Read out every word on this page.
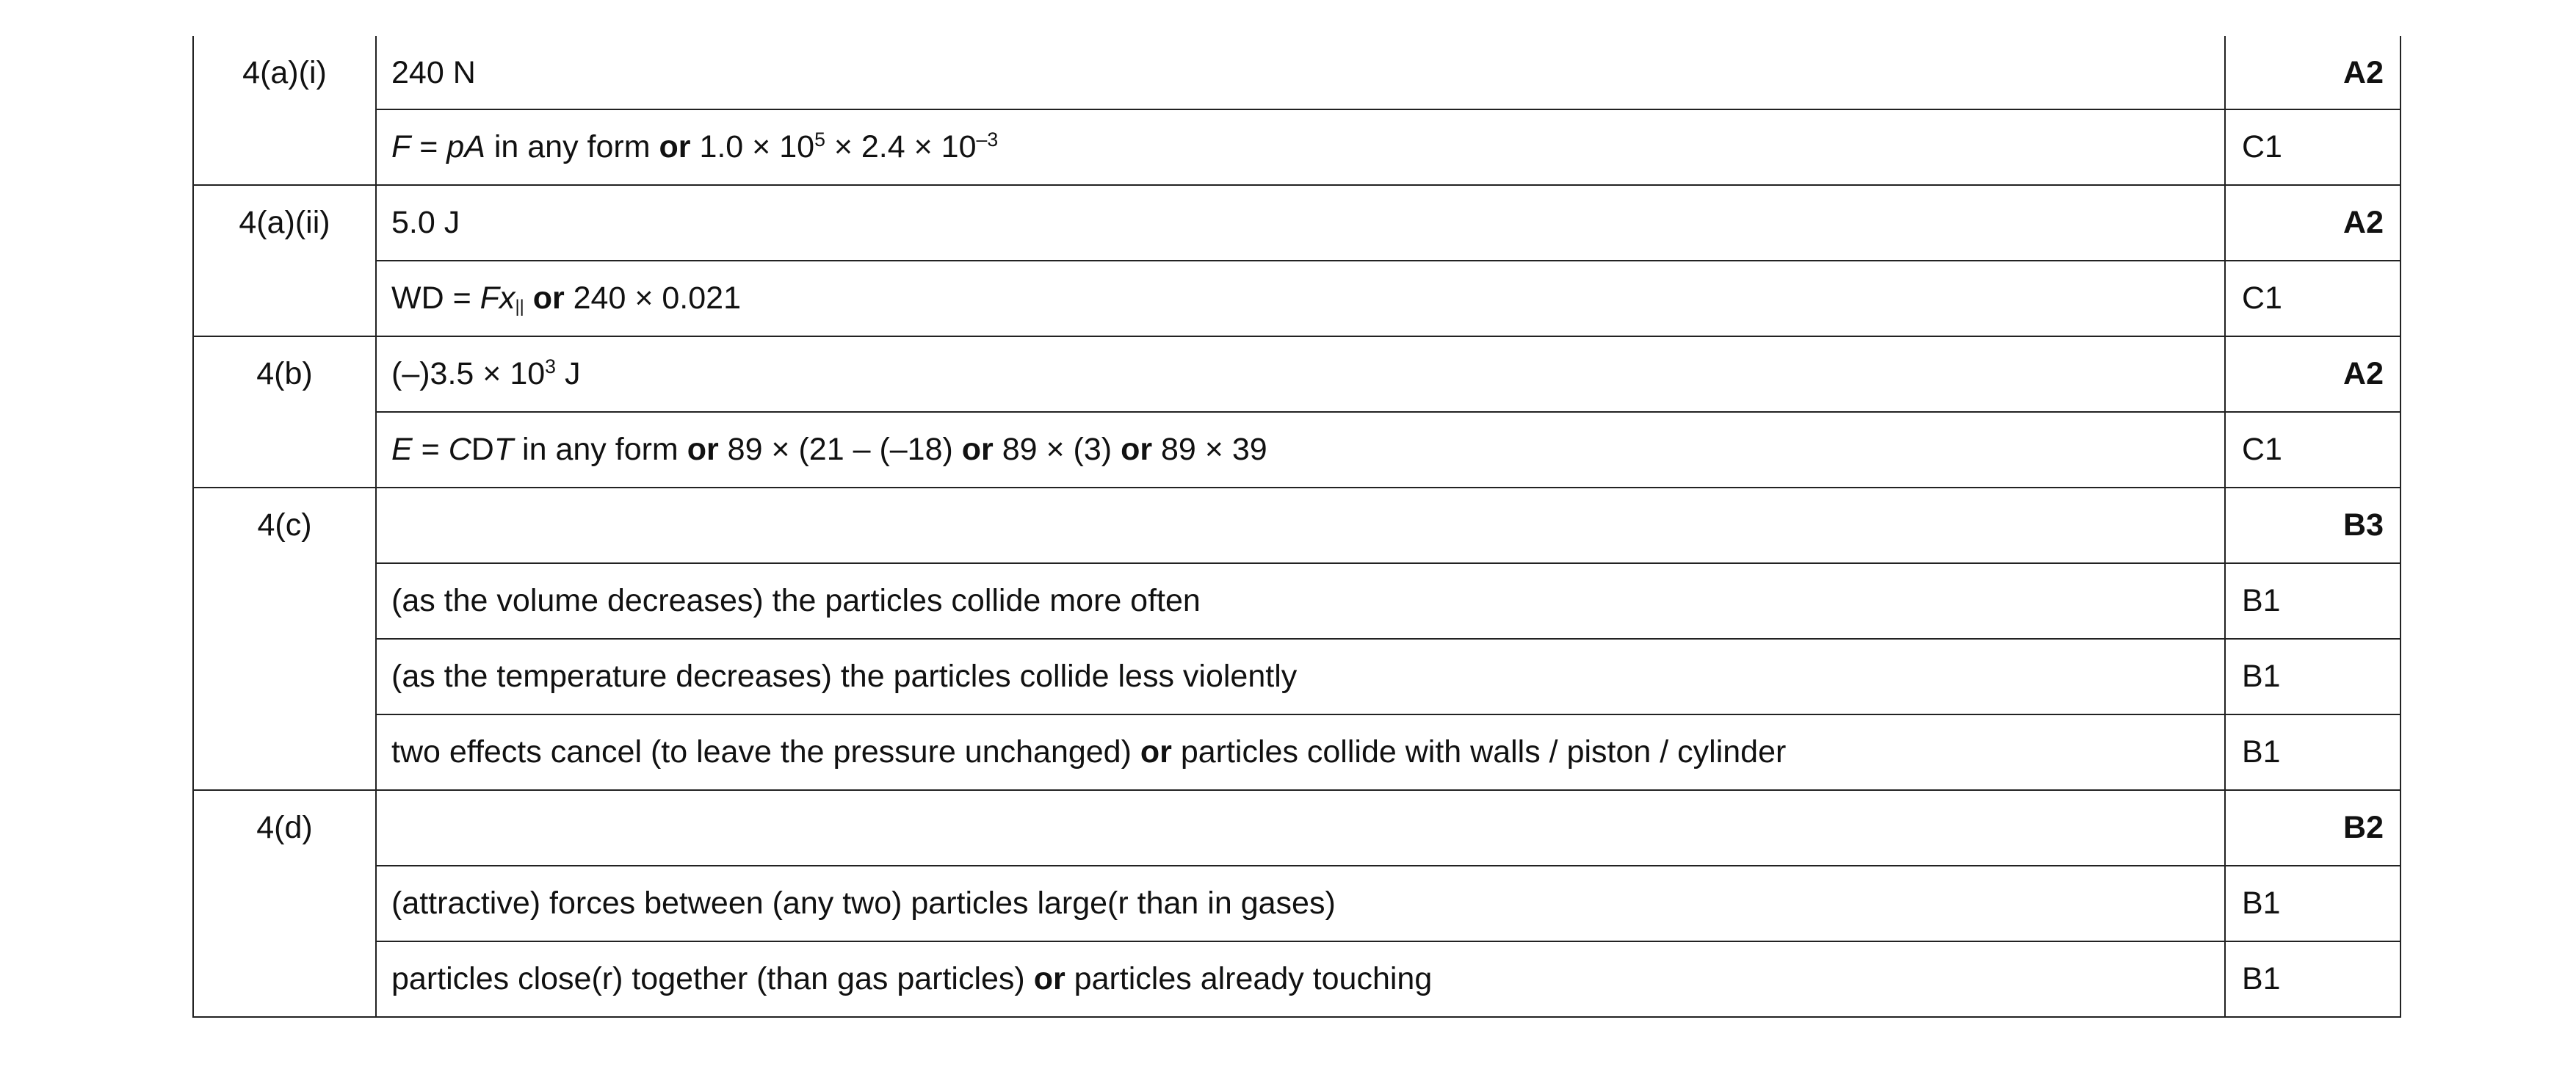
4(a)(i)	240 N	A2
	F = pA in any form or $1.0 \times 10^5 \times 2.4 \times 10^{-3}$	C1
4(a)(ii)	5.0 J	A2
	WD = $Fx_{||}$ or 240 × 0.021	C1
4(b)	$(-)3.5 \times 10^3$ J	A2
	E = CDT in any form or 89 × (21 – (–18) or 89 × (3) or 89 × 39	C1
4(c)		B3
	(as the volume decreases) the particles collide more often	B1
	(as the temperature decreases) the particles collide less violently	B1
	two effects cancel (to leave the pressure unchanged) or particles collide with walls / piston / cylinder	B1
4(d)		B2
	(attractive) forces between (any two) particles large(r than in gases)	B1
	particles close(r) together (than gas particles) or particles already touching	B1
